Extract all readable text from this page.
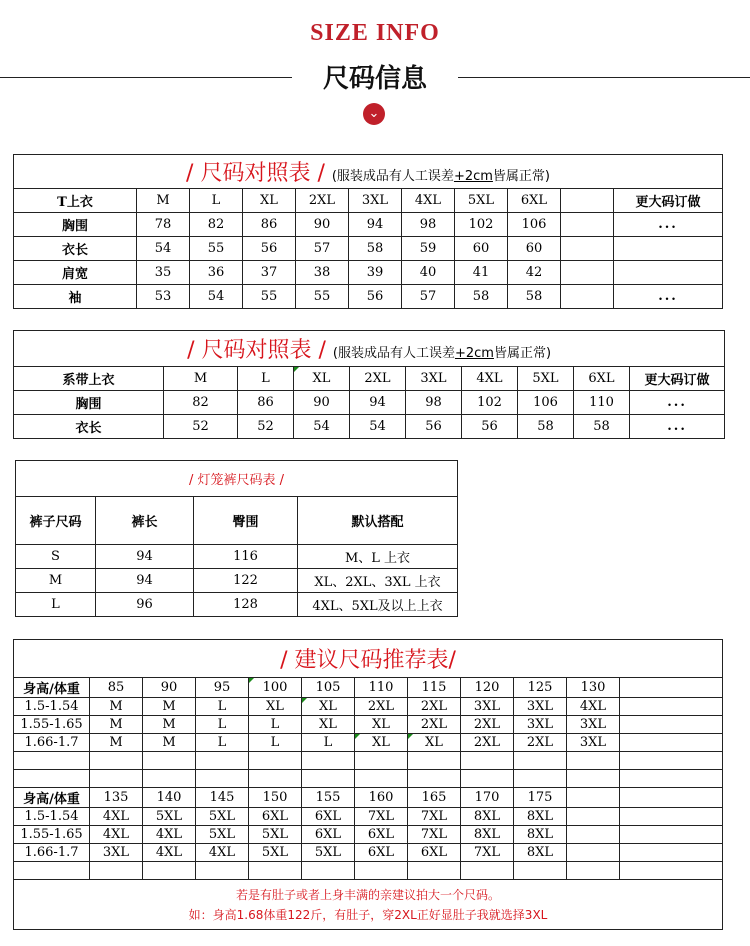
SIZE INFO
尺码信息
⌄
/ 尺码对照表 / (服装成品有人工误差+2cm皆属正常)										
T上衣	M	L	XL	2XL	3XL	4XL	5XL	6XL		更大码订做
胸围	78	82	86	90	94	98	102	106		...
衣长	54	55	56	57	58	59	60	60		
肩宽	35	36	37	38	39	40	41	42		
袖	53	54	55	55	56	57	58	58		...
/ 尺码对照表 / (服装成品有人工误差+2cm皆属正常)									
系带上衣	M	L	XL	2XL	3XL	4XL	5XL	6XL	更大码订做
胸围	82	86	90	94	98	102	106	110	...
衣长	52	52	54	54	56	56	58	58	...
/ 灯笼裤尺码表 /			
裤子尺码	裤长	臀围	默认搭配
S	94	116	M、L 上衣
M	94	122	XL、2XL、3XL 上衣
L	96	128	4XL、5XL及以上上衣
/ 建议尺码推荐表/											
身高/体重	85	90	95	100	105	110	115	120	125	130	
1.5-1.54	M	M	L	XL	XL	2XL	2XL	3XL	3XL	4XL	
1.55-1.65	M	M	L	L	XL	XL	2XL	2XL	3XL	3XL	
1.66-1.7	M	M	L	L	L	XL	XL	2XL	2XL	3XL	

身高/体重	135	140	145	150	155	160	165	170	175		
1.5-1.54	4XL	5XL	5XL	6XL	6XL	7XL	7XL	8XL	8XL		
1.55-1.65	4XL	4XL	5XL	5XL	6XL	6XL	7XL	8XL	8XL		
1.66-1.7	3XL	4XL	4XL	5XL	5XL	6XL	6XL	7XL	8XL		

若是有肚子或者上身丰满的亲建议拍大一个尺码。
如：身高1.68体重122斤，有肚子，穿2XL正好显肚子我就选择3XL											
